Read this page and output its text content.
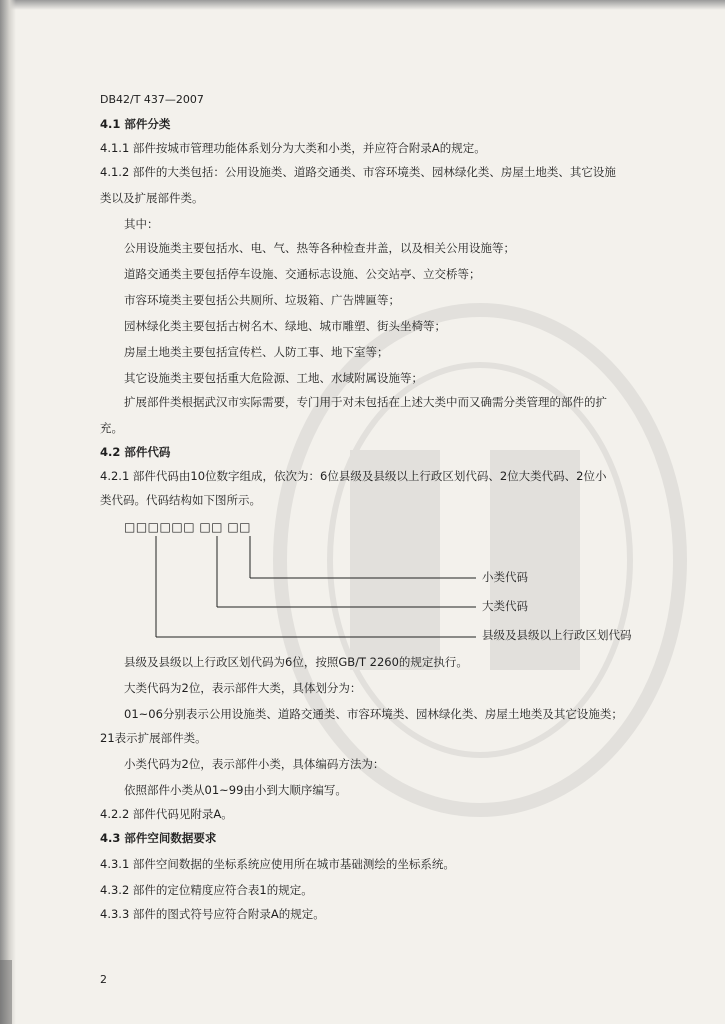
DB42/T 437—2007
4.1 部件分类
4.1.1 部件按城市管理功能体系划分为大类和小类，并应符合附录A的规定。
4.1.2 部件的大类包括：公用设施类、道路交通类、市容环境类、园林绿化类、房屋土地类、其它设施
类以及扩展部件类。
其中：
公用设施类主要包括水、电、气、热等各种检查井盖，以及相关公用设施等；
道路交通类主要包括停车设施、交通标志设施、公交站亭、立交桥等；
市容环境类主要包括公共厕所、垃圾箱、广告牌匾等；
园林绿化类主要包括古树名木、绿地、城市雕塑、街头坐椅等；
房屋土地类主要包括宣传栏、人防工事、地下室等；
其它设施类主要包括重大危险源、工地、水域附属设施等；
扩展部件类根据武汉市实际需要，专门用于对未包括在上述大类中而又确需分类管理的部件的扩
充。
4.2 部件代码
4.2.1 部件代码由10位数字组成，依次为：6位县级及县级以上行政区划代码、2位大类代码、2位小
类代码。代码结构如下图所示。
□□□□□□ □□ □□
小类代码
大类代码
县级及县级以上行政区划代码
县级及县级以上行政区划代码为6位，按照GB/T 2260的规定执行。
大类代码为2位，表示部件大类，具体划分为：
01~06分别表示公用设施类、道路交通类、市容环境类、园林绿化类、房屋土地类及其它设施类；
21表示扩展部件类。
小类代码为2位，表示部件小类，具体编码方法为：
依照部件小类从01~99由小到大顺序编写。
4.2.2 部件代码见附录A。
4.3 部件空间数据要求
4.3.1 部件空间数据的坐标系统应使用所在城市基础测绘的坐标系统。
4.3.2 部件的定位精度应符合表1的规定。
4.3.3 部件的图式符号应符合附录A的规定。
2
